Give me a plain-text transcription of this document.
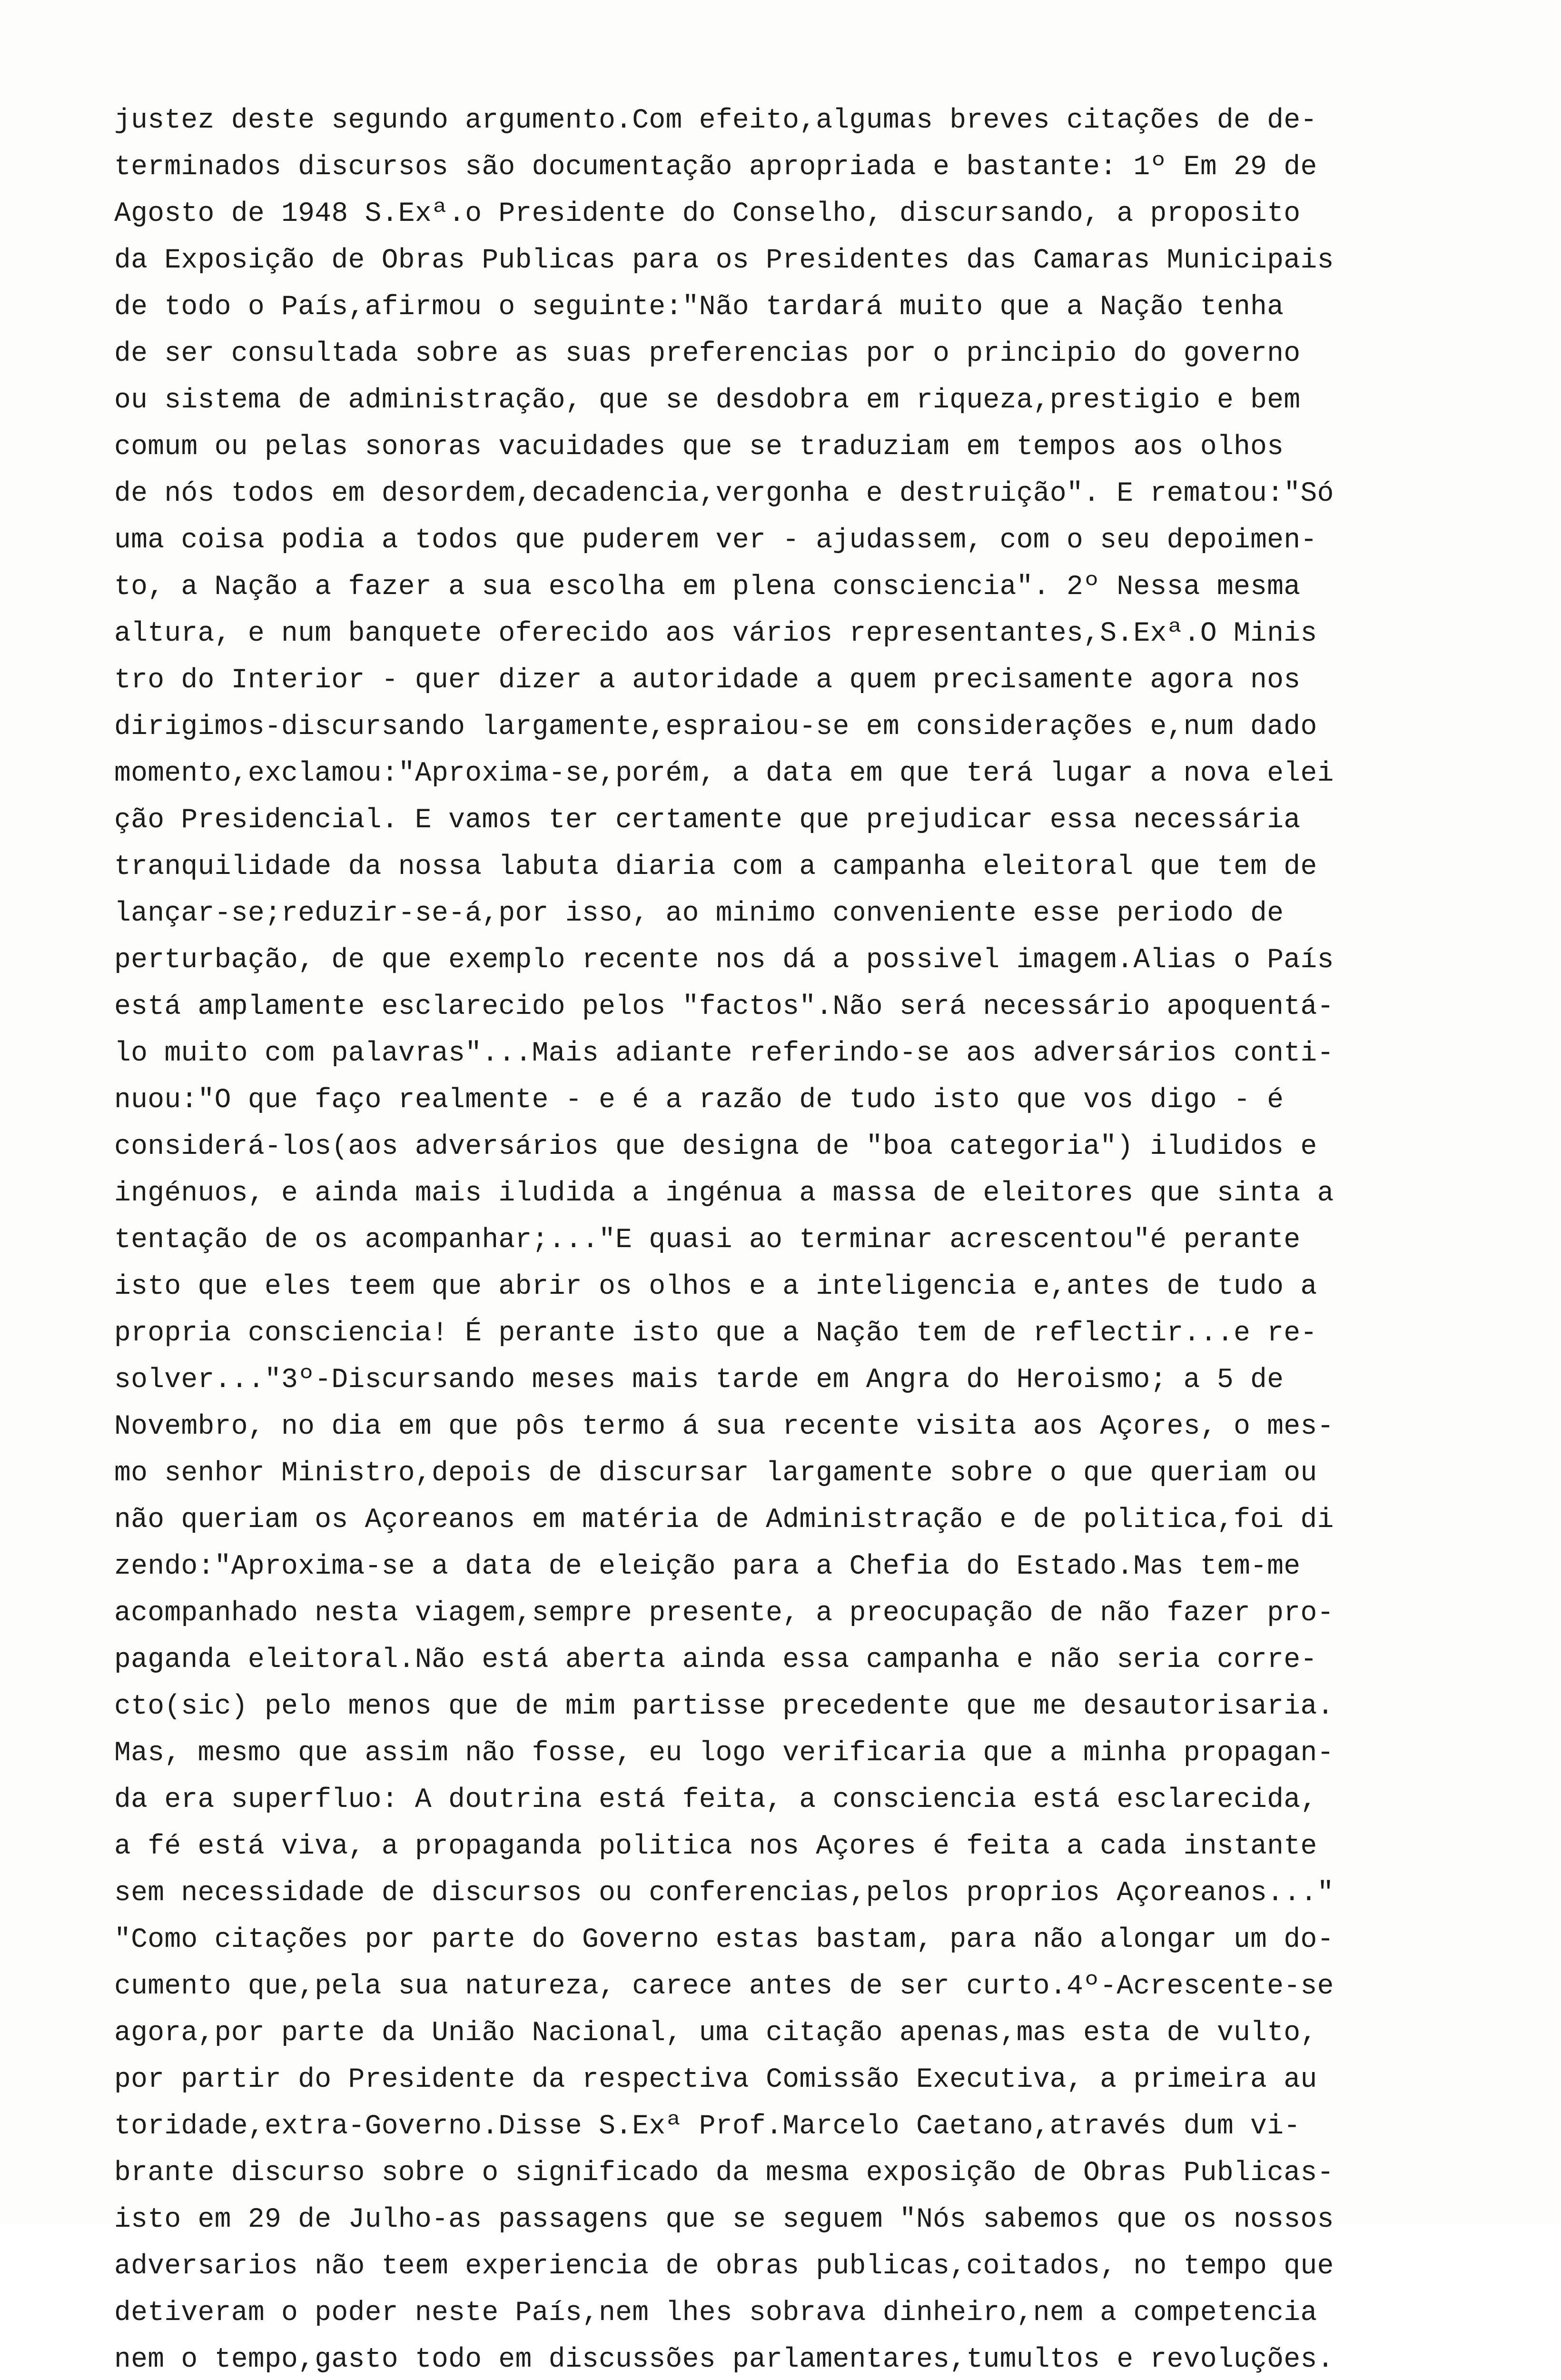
justez deste segundo argumento.Com efeito,algumas breves citações de de-
terminados discursos são documentação apropriada e bastante: 1º Em 29 de
Agosto de 1948 S.Exª.o Presidente do Conselho, discursando, a proposito
da Exposição de Obras Publicas para os Presidentes das Camaras Municipais
de todo o País,afirmou o seguinte:"Não tardará muito que a Nação tenha
de ser consultada sobre as suas preferencias por o principio do governo
ou sistema de administração, que se desdobra em riqueza,prestigio e bem
comum ou pelas sonoras vacuidades que se traduziam em tempos aos olhos
de nós todos em desordem,decadencia,vergonha e destruição". E rematou:"Só
uma coisa podia a todos que puderem ver - ajudassem, com o seu depoimen-
to, a Nação a fazer a sua escolha em plena consciencia". 2º Nessa mesma
altura, e num banquete oferecido aos vários representantes,S.Exª.O Minis
tro do Interior - quer dizer a autoridade a quem precisamente agora nos
dirigimos-discursando largamente,espraiou-se em considerações e,num dado
momento,exclamou:"Aproxima-se,porém, a data em que terá lugar a nova elei
ção Presidencial. E vamos ter certamente que prejudicar essa necessária
tranquilidade da nossa labuta diaria com a campanha eleitoral que tem de
lançar-se;reduzir-se-á,por isso, ao minimo conveniente esse periodo de
perturbação, de que exemplo recente nos dá a possivel imagem.Alias o País
está amplamente esclarecido pelos "factos".Não será necessário apoquentá-
lo muito com palavras"...Mais adiante referindo-se aos adversários conti-
nuou:"O que faço realmente - e é a razão de tudo isto que vos digo - é
considerá-los(aos adversários que designa de "boa categoria") iludidos e
ingénuos, e ainda mais iludida a ingénua a massa de eleitores que sinta a
tentação de os acompanhar;..."E quasi ao terminar acrescentou"é perante
isto que eles teem que abrir os olhos e a inteligencia e,antes de tudo a
propria consciencia! É perante isto que a Nação tem de reflectir...e re-
solver..."3º-Discursando meses mais tarde em Angra do Heroismo; a 5 de
Novembro, no dia em que pôs termo á sua recente visita aos Açores, o mes-
mo senhor Ministro,depois de discursar largamente sobre o que queriam ou
não queriam os Açoreanos em matéria de Administração e de politica,foi di
zendo:"Aproxima-se a data de eleição para a Chefia do Estado.Mas tem-me
acompanhado nesta viagem,sempre presente, a preocupação de não fazer pro-
paganda eleitoral.Não está aberta ainda essa campanha e não seria corre-
cto(sic) pelo menos que de mim partisse precedente que me desautorisaria.
Mas, mesmo que assim não fosse, eu logo verificaria que a minha propagan-
da era superfluo: A doutrina está feita, a consciencia está esclarecida,
a fé está viva, a propaganda politica nos Açores é feita a cada instante
sem necessidade de discursos ou conferencias,pelos proprios Açoreanos..."
"Como citações por parte do Governo estas bastam, para não alongar um do-
cumento que,pela sua natureza, carece antes de ser curto.4º-Acrescente-se
agora,por parte da União Nacional, uma citação apenas,mas esta de vulto,
por partir do Presidente da respectiva Comissão Executiva, a primeira au
toridade,extra-Governo.Disse S.Exª Prof.Marcelo Caetano,através dum vi-
brante discurso sobre o significado da mesma exposição de Obras Publicas-
isto em 29 de Julho-as passagens que se seguem "Nós sabemos que os nossos
adversarios não teem experiencia de obras publicas,coitados, no tempo que
detiveram o poder neste País,nem lhes sobrava dinheiro,nem a competencia
nem o tempo,gasto todo em discussões parlamentares,tumultos e revoluções.
